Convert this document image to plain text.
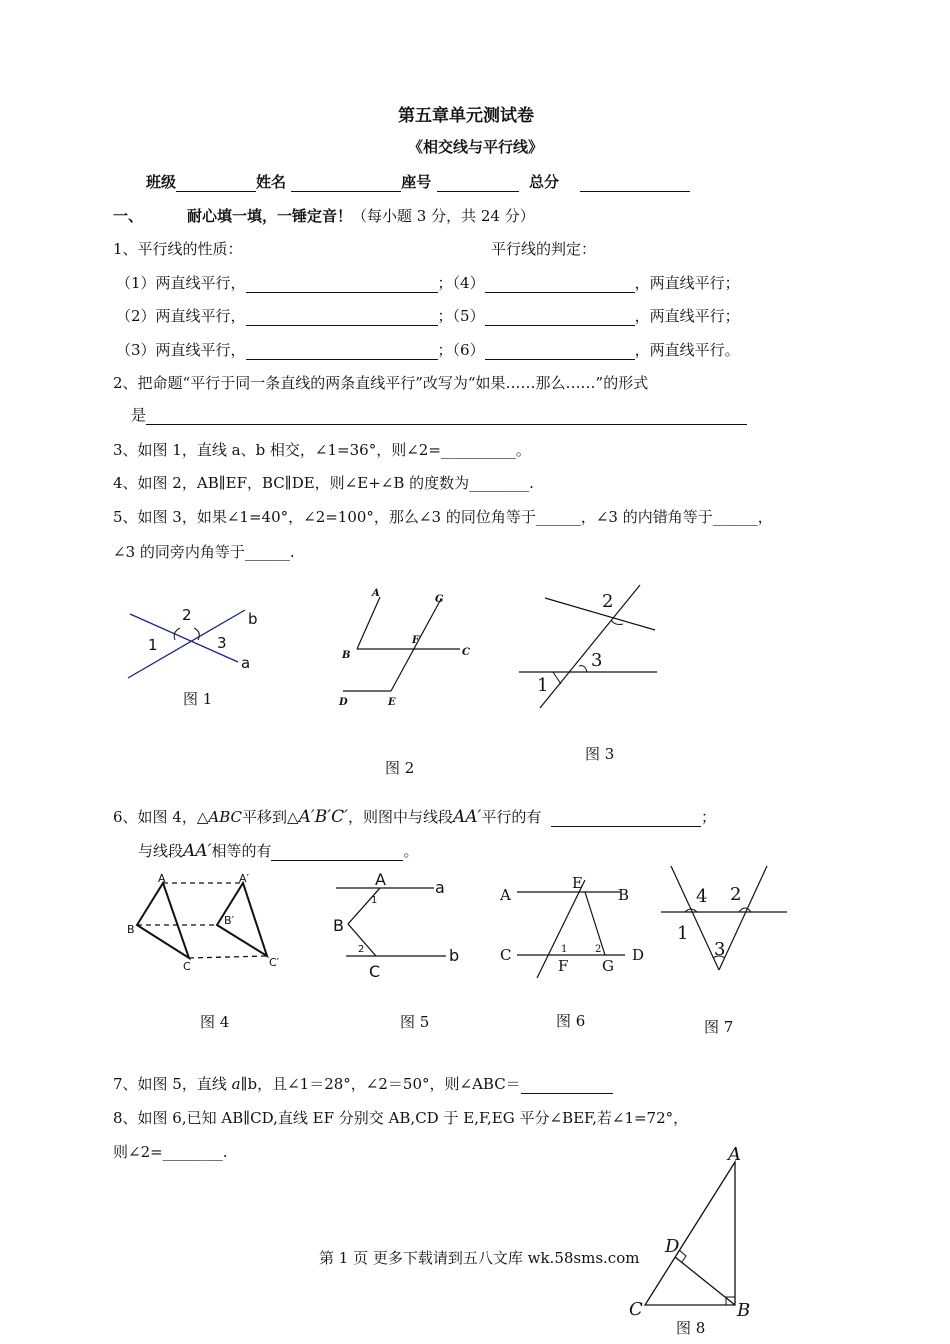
第五章单元测试卷
《相交线与平行线》
班级	姓名	座号	总分
一、	耐心填一填，一锤定音！（每小题 3 分，共 24 分）
1、平行线的性质：	平行线的判定：
（1）两直线平行，	；（4）	，两直线平行；
（2）两直线平行，	；（5）	，两直线平行；
（3）两直线平行，	；（6）	，两直线平行。
2、把命题“平行于同一条直线的两条直线平行”改写为“如果……那么……”的形式
是
3、如图 1，直线 a、b 相交，∠1=36°，则∠2=__________。
4、如图 2，AB∥EF，BC∥DE，则∠E+∠B 的度数为________.
5、如图 3，如果∠1=40°，∠2=100°，那么∠3 的同位角等于______，∠3 的内错角等于______，
∠3 的同旁内角等于______.
2	b
1	3
a
图 1
A
G
F
B	C
D	E
图 2
2
3
1
图 3
6、如图 4，△ABC平移到△A′B′C′，则图中与线段AA′平行的有	；
与线段AA′相等的有	。
A	A′
B
B′
C	C′
图 4
A	a
1
B
2	b
C
图 5
A
E
B
C	1	2 D
F G
图 6
4 2
1
3
图 7
7、如图 5，直线 a∥b，且∠1＝28°，∠2＝50°，则∠ABC＝
8、如图 6,已知 AB∥CD,直线 EF 分别交 AB,CD 于 E,F,EG 平分∠BEF,若∠1=72°，
则∠2=________.	A
D
C	B
图 8
第 1 页 更多下载请到五八文库 wk.58sms.com
